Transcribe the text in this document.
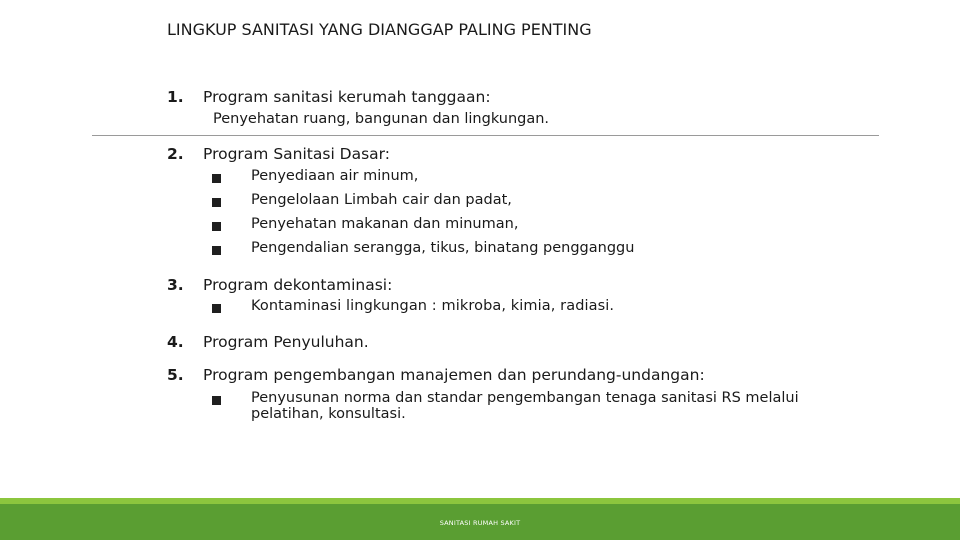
LINGKUP SANITASI YANG DIANGGAP PALING PENTING
1. Program sanitasi kerumah tanggaan:
Penyehatan ruang, bangunan dan lingkungan.
2. Program Sanitasi Dasar:
Penyediaan air minum,
Pengelolaan Limbah cair dan padat,
Penyehatan makanan dan minuman,
Pengendalian serangga, tikus, binatang pengganggu
3. Program dekontaminasi:
Kontaminasi lingkungan : mikroba, kimia, radiasi.
4. Program Penyuluhan.
5. Program pengembangan manajemen dan perundang-undangan:
Penyusunan norma dan standar pengembangan tenaga sanitasi RS melalui pelatihan, konsultasi.
SANITASI RUMAH SAKIT
